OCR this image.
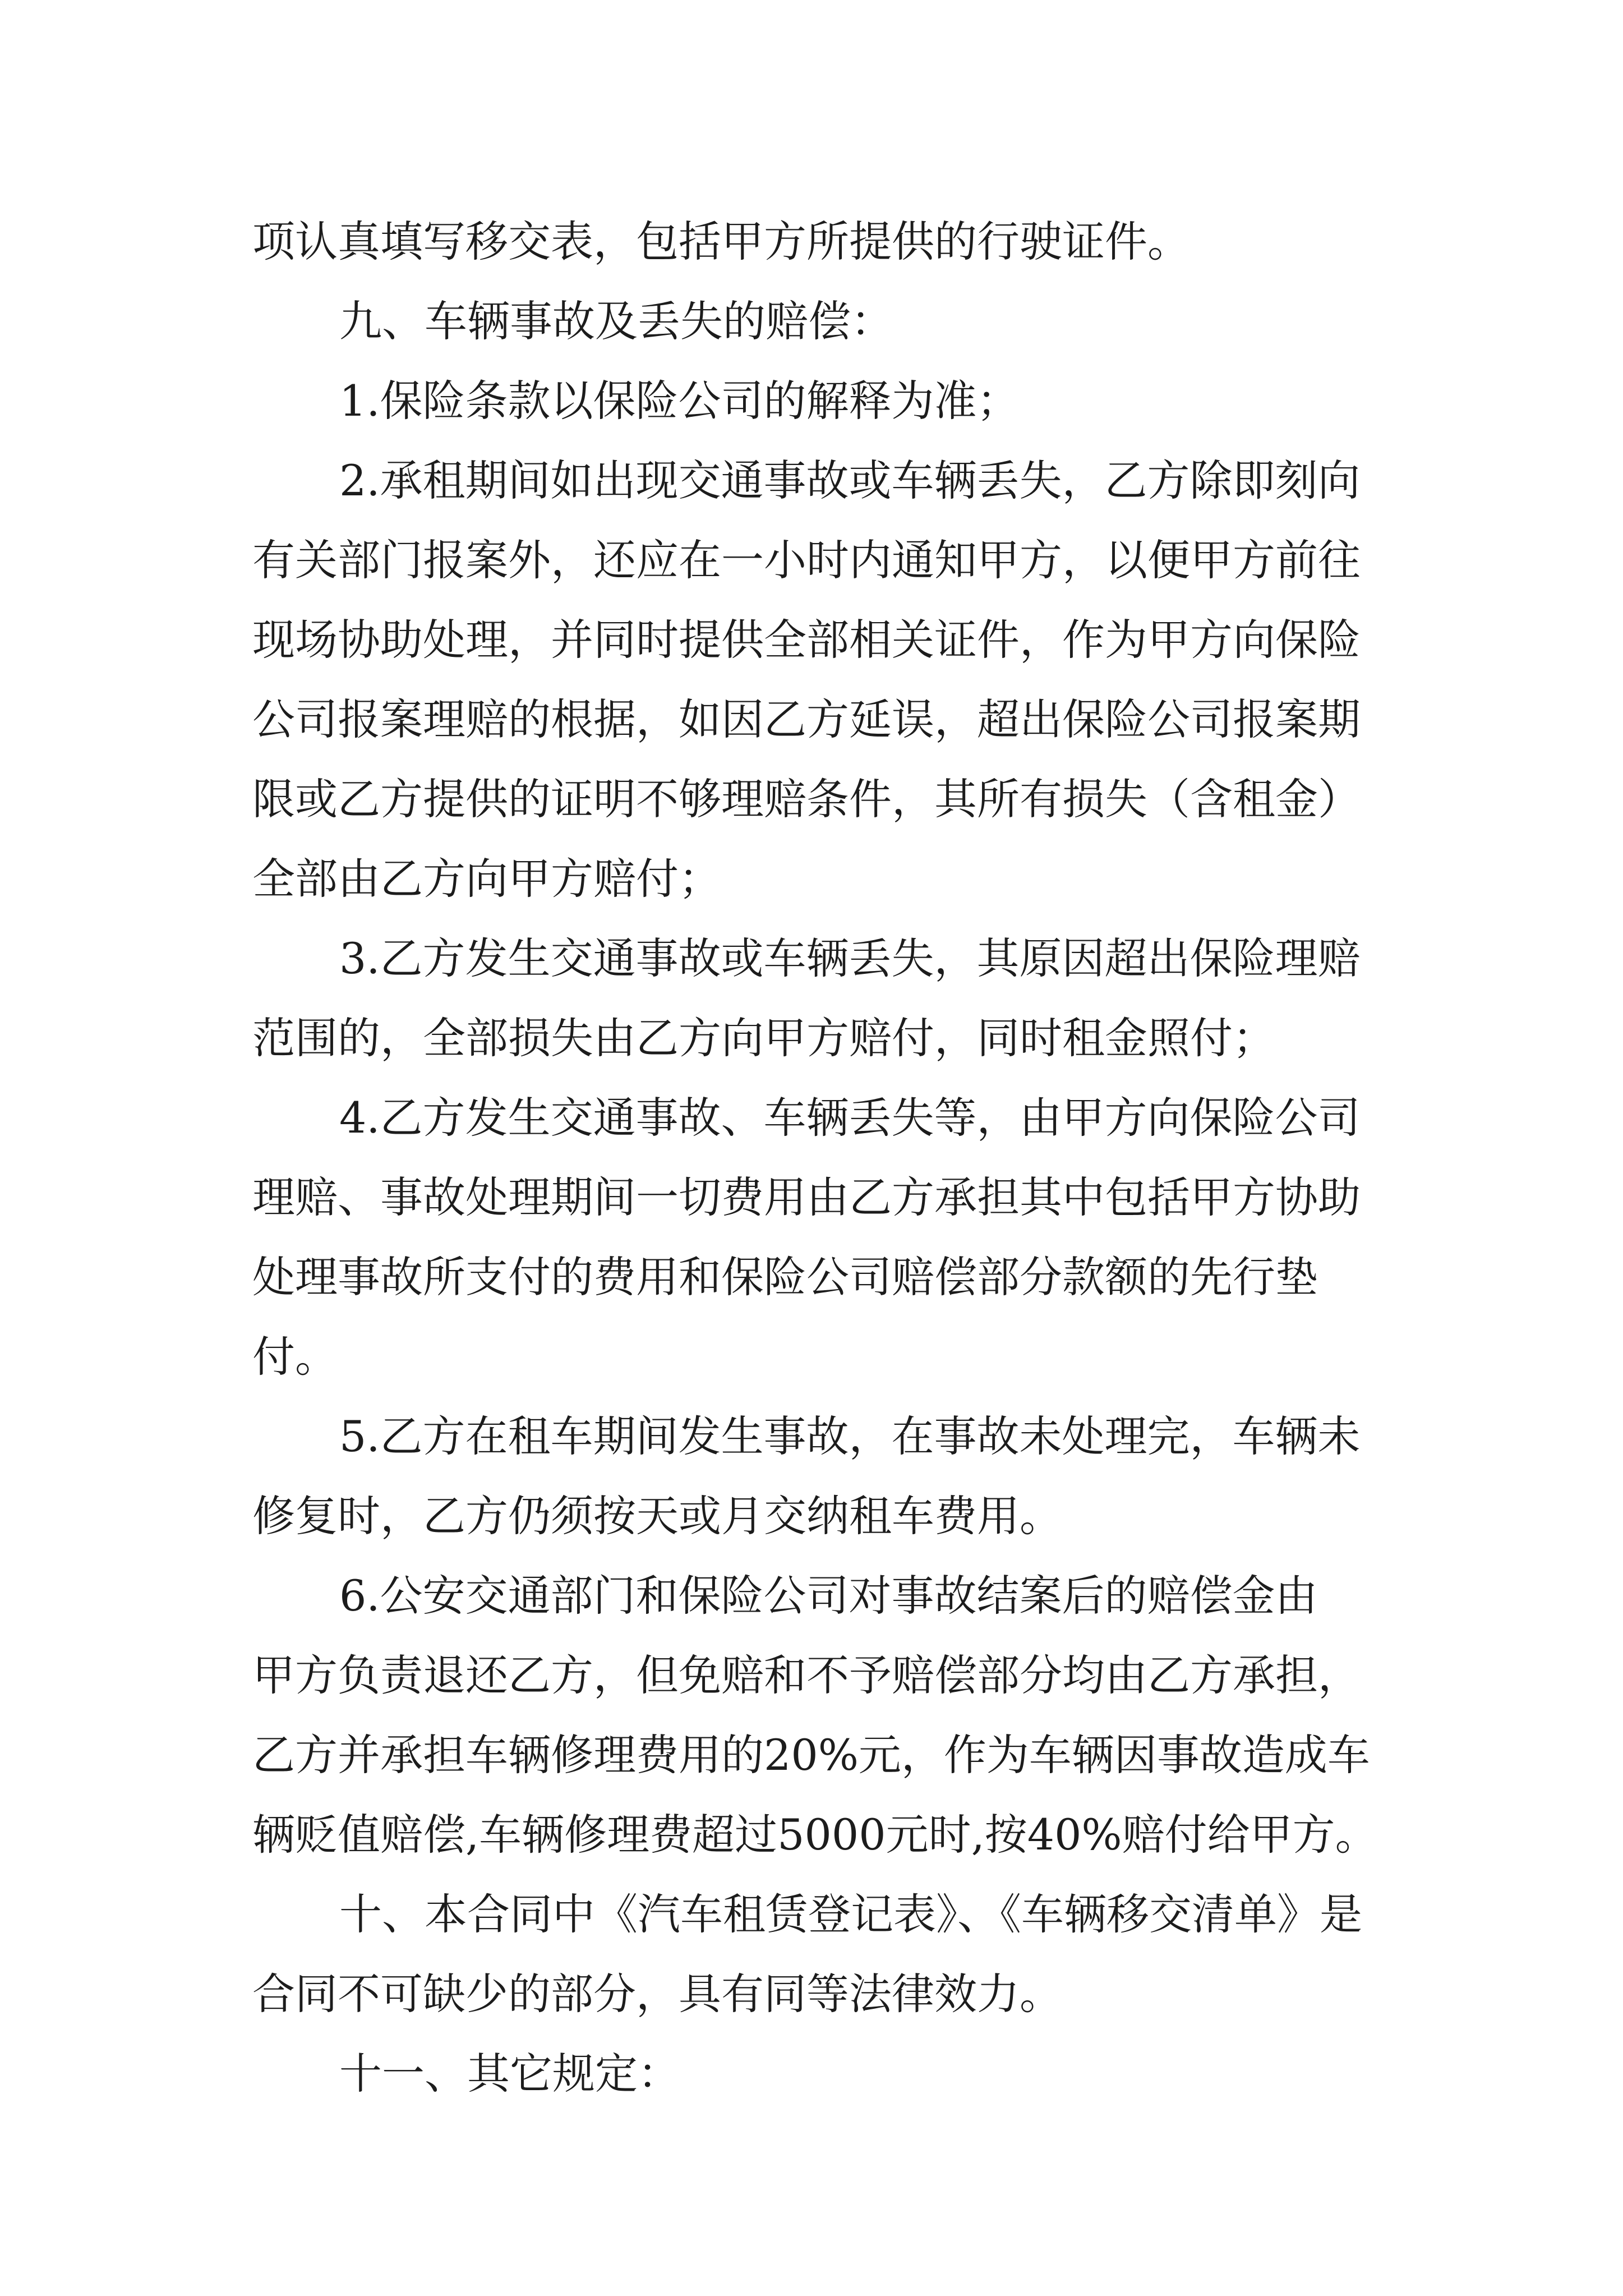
项认真填写移交表，包括甲方所提供的行驶证件。

九、车辆事故及丢失的赔偿：

1.保险条款以保险公司的解释为准；

2.承租期间如出现交通事故或车辆丢失，乙方除即刻向

有关部门报案外，还应在一小时内通知甲方，以便甲方前往

现场协助处理，并同时提供全部相关证件，作为甲方向保险

公司报案理赔的根据，如因乙方延误，超出保险公司报案期

限或乙方提供的证明不够理赔条件，其所有损失（含租金）

全部由乙方向甲方赔付；

3.乙方发生交通事故或车辆丢失，其原因超出保险理赔

范围的，全部损失由乙方向甲方赔付，同时租金照付；

4.乙方发生交通事故、车辆丢失等，由甲方向保险公司

理赔、事故处理期间一切费用由乙方承担其中包括甲方协助

处理事故所支付的费用和保险公司赔偿部分款额的先行垫

付。

5.乙方在租车期间发生事故，在事故未处理完，车辆未

修复时，乙方仍须按天或月交纳租车费用。

6.公安交通部门和保险公司对事故结案后的赔偿金由

甲方负责退还乙方，但免赔和不予赔偿部分均由乙方承担，

乙方并承担车辆修理费用的20%元，作为车辆因事故造成车

辆贬值赔偿,车辆修理费超过5000元时,按40%赔付给甲方。

十、本合同中《汽车租赁登记表》、《车辆移交清单》是

合同不可缺少的部分，具有同等法律效力。

十一、其它规定：
